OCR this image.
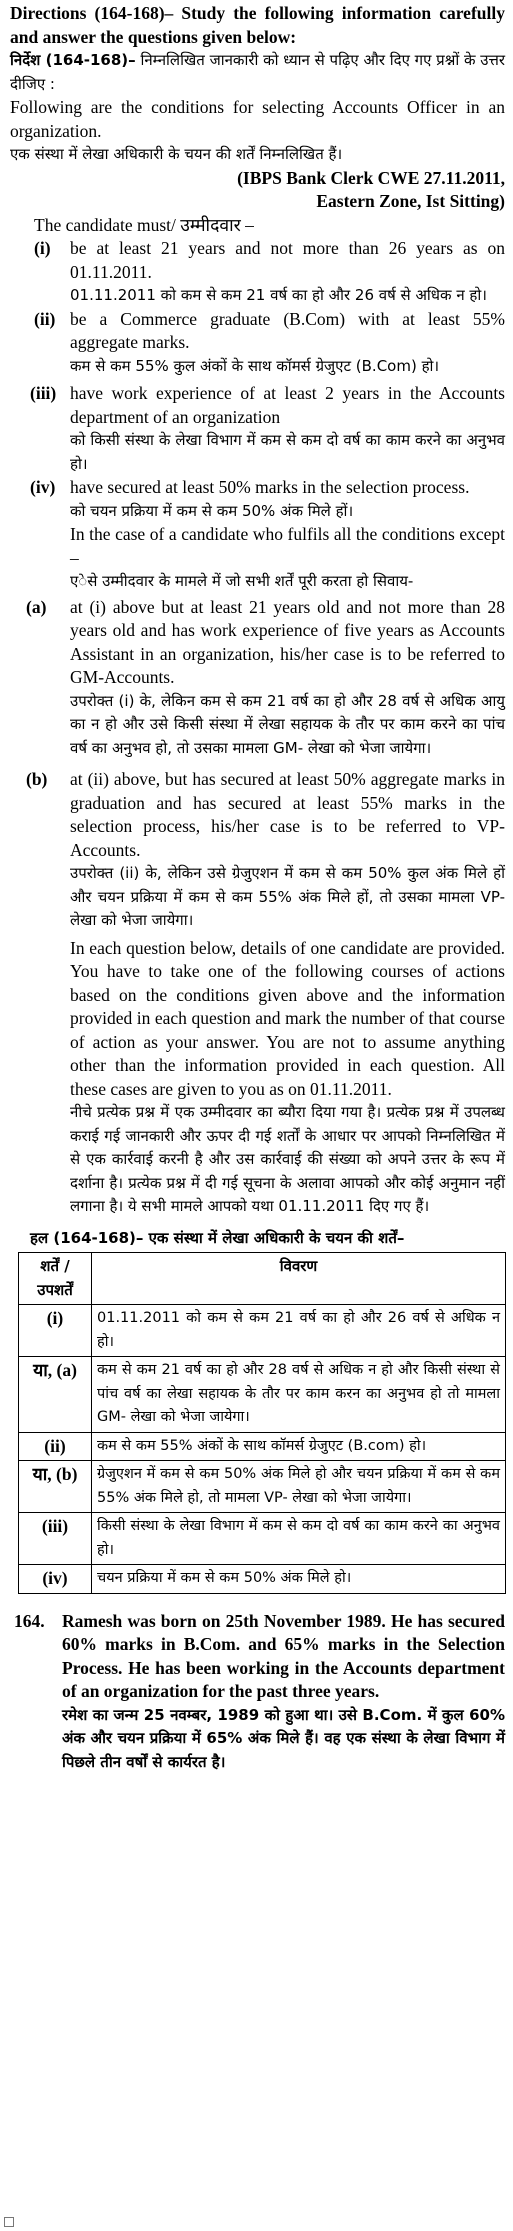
Directions (164-168)– Study the following information carefully and answer the questions given below:

निर्देश (164-168)– निम्नलिखित जानकारी को ध्यान से पढ़िए और दिए गए प्रश्नों के उत्तर दीजिए :

Following are the conditions for selecting Accounts Officer in an organization.

एक संस्था में लेखा अधिकारी के चयन की शर्तें निम्नलिखित हैं।

(IBPS Bank Clerk CWE 27.11.2011,

Eastern Zone, Ist Sitting)

The candidate must/ उम्मीदवार –

(i)	be at least 21 years and not more than 26 years as on 01.11.2011.

01.11.2011 को कम से कम 21 वर्ष का हो और 26 वर्ष से अधिक न हो।

(ii) be a Commerce graduate (B.Com) with at least 55% aggregate marks.

कम से कम 55% कुल अंकों के साथ कॉमर्स ग्रेजुएट (B.Com) हो।

(iii) have work experience of at least 2 years in the Accounts department of an organization

को किसी संस्था के लेखा विभाग में कम से कम दो वर्ष का काम करने का अनुभव हो।

(iv) have secured at least 50% marks in the selection process.

को चयन प्रक्रिया में कम से कम 50% अंक मिले हों।

In the case of a candidate who fulfils all the conditions except –

एेसे उम्मीदवार के मामले में जो सभी शर्तें पूरी करता हो सिवाय-

(a)	at (i) above but at least 21 years old and not more than 28 years old and has work experience of five years as Accounts Assistant in an organization, his/her case is to be referred to GM-Accounts.

उपरोक्त (i) के, लेकिन कम से कम 21 वर्ष का हो और 28 वर्ष से अधिक आयु का न हो और उसे किसी संस्था में लेखा सहायक के तौर पर काम करने का पांच वर्ष का अनुभव हो, तो उसका मामला GM- लेखा को भेजा जायेगा।

(b)	at (ii) above, but has secured at least 50% aggregate marks in graduation and has secured at least 55% marks in the selection process, his/her case is to be referred to VP-Accounts.

उपरोक्त (ii) के, लेकिन उसे ग्रेजुएशन में कम से कम 50% कुल अंक मिले हों और चयन प्रक्रिया में कम से कम 55% अंक मिले हों, तो उसका मामला VP- लेखा को भेजा जायेगा।

In each question below, details of one candidate are provided. You have to take one of the following courses of actions based on the conditions given above and the information provided in each question and mark the number of that course of action as your answer. You are not to assume anything other than the information provided in each question. All these cases are given to you as on 01.11.2011.

नीचे प्रत्येक प्रश्न में एक उम्मीदवार का ब्यौरा दिया गया है। प्रत्येक प्रश्न में उपलब्ध कराई गई जानकारी और ऊपर दी गई शर्तों के आधार पर आपको निम्नलिखित में से एक कार्रवाई करनी है और उस कार्रवाई की संख्या को अपने उत्तर के रूप में दर्शाना है। प्रत्येक प्रश्न में दी गई सूचना के अलावा आपको और कोई अनुमान नहीं लगाना है। ये सभी मामले आपको यथा 01.11.2011 दिए गए हैं।

हल (164-168)– एक संस्था में लेखा अधिकारी के चयन की शर्तें–

शर्तें /उपशर्तें	विवरण
(i)	01.11.2011 को कम से कम 21 वर्ष का हो और 26 वर्ष से अधिक न हो।
या, (a)	कम से कम 21 वर्ष का हो और 28 वर्ष से अधिक न हो और किसी संस्था से पांच वर्ष का लेखा सहायक के तौर पर काम करन का अनुभव हो तो मामला GM- लेखा को भेजा जायेगा।
(ii)	कम से कम 55% अंकों के साथ कॉमर्स ग्रेजुएट (B.com) हो।
या, (b)	ग्रेजुएशन में कम से कम 50% अंक मिले हो और चयन प्रक्रिया में कम से कम 55% अंक मिले हो, तो मामला VP- लेखा को भेजा जायेगा।
(iii)	किसी संस्था के लेखा विभाग में कम से कम दो वर्ष का काम करने का अनुभव हो।
(iv)	चयन प्रक्रिया में कम से कम 50% अंक मिले हो।
164. Ramesh was born on 25th November 1989. He has secured 60% marks in B.Com. and 65% marks in the Selection Process. He has been working in the Accounts department of an organization for the past three years.

रमेश का जन्म 25 नवम्बर, 1989 को हुआ था। उसे B.Com. में कुल 60% अंक और चयन प्रक्रिया में 65% अंक मिले हैं। वह एक संस्था के लेखा विभाग में पिछले तीन वर्षों से कार्यरत है।
